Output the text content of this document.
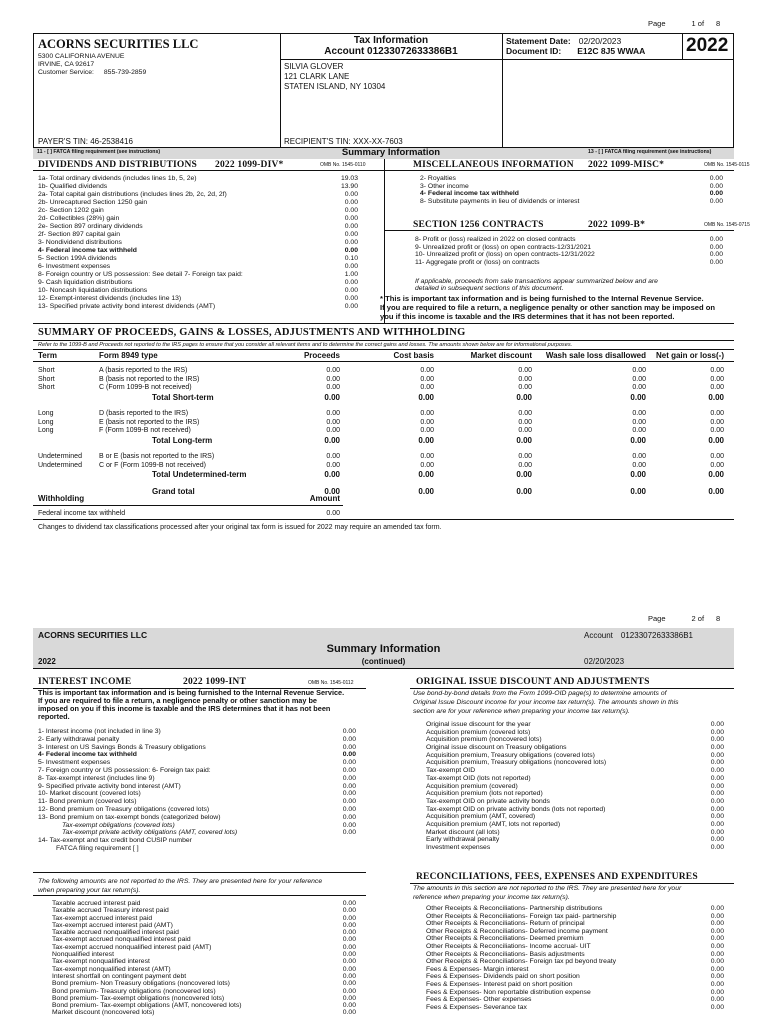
Page	1 of 8
ACORNS SECURITIES LLC
5300 CALIFORNIA AVENUE
IRVINE, CA 92617
Customer Service: 855-739-2859
PAYER'S TIN: 46-2538416
Tax Information
Account 01233072633386B1
Statement Date: 02/20/2023
Document ID: E12C 8J5 WWAA 2022
SILVIA GLOVER
121 CLARK LANE
STATEN ISLAND, NY 10304
RECIPIENT'S TIN: XXX-XX-7603
11 - [ ] FATCA filing requirement (see instructions)	Summary Information	13 - [ ] FATCA filing requirement (see instructions)
DIVIDENDS AND DISTRIBUTIONS 2022 1099-DIV*	OMB No. 1545-0110
1a- Total ordinary dividends (includes lines 1b, 5, 2e)	19.03
1b- Qualified dividends	13.90
2a- Total capital gain distributions (includes lines 2b, 2c, 2d, 2f)	0.00
2b- Unrecaptured Section 1250 gain	0.00
2c- Section 1202 gain	0.00
2d- Collectibles (28%) gain	0.00
2e- Section 897 ordinary dividends	0.00
2f- Section 897 capital gain	0.00
3- Nondividend distributions	0.00
4- Federal income tax withheld	0.00
5- Section 199A dividends	0.10
6- Investment expenses	0.00
8- Foreign country or US possession: See detail 7- Foreign tax paid:	1.00
9- Cash liquidation distributions	0.00
10- Noncash liquidation distributions	0.00
12- Exempt-interest dividends (includes line 13)	0.00
13- Specified private activity bond interest dividends (AMT)	0.00
MISCELLANEOUS INFORMATION 2022 1099-MISC*	OMB No. 1545-0115
2- Royalties	0.00
3- Other income	0.00
4- Federal income tax withheld	0.00
8- Substitute payments in lieu of dividends or interest	0.00
SECTION 1256 CONTRACTS	2022 1099-B*	OMB No. 1545-0715
8- Profit or (loss) realized in 2022 on closed contracts	0.00
9- Unrealized profit or (loss) on open contracts-12/31/2021	0.00
10- Unrealized profit or (loss) on open contracts-12/31/2022	0.00
11- Aggregate profit or (loss) on contracts	0.00
If applicable, proceeds from sale transactions appear summarized below and are
detailed in subsequent sections of this document.
* This is important tax information and is being furnished to the Internal Revenue Service.
If you are required to file a return, a negligence penalty or other sanction may be imposed on
you if this income is taxable and the IRS determines that it has not been reported.
SUMMARY OF PROCEEDS, GAINS & LOSSES, ADJUSTMENTS AND WITHHOLDING
Refer to the 1099-B and Proceeds not reported to the IRS pages to ensure that you consider all relevant items and to determine the correct gains and losses. The amounts shown below are for informational purposes.
Term	Form 8949 type	Proceeds	Cost basis	Market discount	Wash sale loss disallowed	Net gain or loss(-)
Short	A (basis reported to the IRS)	0.00	0.00	0.00	0.00	0.00
Short	B (basis not reported to the IRS)	0.00	0.00	0.00	0.00	0.00
Short	C (Form 1099-B not received)	0.00	0.00	0.00	0.00	0.00
Total Short-term	0.00	0.00	0.00	0.00	0.00
Long	D (basis reported to the IRS)	0.00	0.00	0.00	0.00	0.00
Long	E (basis not reported to the IRS)	0.00	0.00	0.00	0.00	0.00
Long	F (Form 1099-B not received)	0.00	0.00	0.00	0.00	0.00
Total Long-term	0.00	0.00	0.00	0.00	0.00
Undetermined B or E (basis not reported to the IRS)	0.00	0.00	0.00	0.00	0.00
Undetermined C or F (Form 1099-B not received)	0.00	0.00	0.00	0.00	0.00
Total Undetermined-term	0.00	0.00	0.00	0.00	0.00
Grand total	0.00	0.00	0.00	0.00	0.00
Withholding	Amount
Federal income tax withheld	0.00
Changes to dividend tax classifications processed after your original tax form is issued for 2022 may require an amended tax form.
Page	2 of 8
ACORNS SECURITIES LLC	Account 01233072633386B1
Summary Information
(continued)
2022	02/20/2023
INTEREST INCOME	2022 1099-INT	OMB No. 1545-0112
This is important tax information and is being furnished to the Internal Revenue Service.
If you are required to file a return, a negligence penalty or other sanction may be
imposed on you if this income is taxable and the IRS determines that it has not been
reported.
1- Interest income (not included in line 3)	0.00
2- Early withdrawal penalty	0.00
3- Interest on US Savings Bonds & Treasury obligations	0.00
4- Federal income tax withheld	0.00
5- Investment expenses	0.00
7- Foreign country or US possession: 6- Foreign tax paid:	0.00
8- Tax-exempt interest (includes line 9)	0.00
9- Specified private activity bond interest (AMT)	0.00
10- Market discount (covered lots)	0.00
11- Bond premium (covered lots)	0.00
12- Bond premium on Treasury obligations (covered lots)	0.00
13- Bond premium on tax-exempt bonds (categorized below)	0.00
Tax-exempt obligations (covered lots)	0.00
Tax-exempt private activity obligations (AMT, covered lots)	0.00
14- Tax-exempt and tax credit bond CUSIP number
FATCA filing requirement [ ]
The following amounts are not reported to the IRS. They are presented here for your reference
when preparing your tax return(s).
Taxable accrued interest paid	0.00
Taxable accrued Treasury interest paid	0.00
Tax-exempt accrued interest paid	0.00
Tax-exempt accrued interest paid (AMT)	0.00
Taxable accrued nonqualified interest paid	0.00
Tax-exempt accrued nonqualified interest paid	0.00
Tax-exempt accrued nonqualified interest paid (AMT)	0.00
Nonqualified interest	0.00
Tax-exempt nonqualified interest	0.00
Tax-exempt nonqualified interest (AMT)	0.00
Interest shortfall on contingent payment debt	0.00
Bond premium- Non Treasury obligations (noncovered lots)	0.00
Bond premium- Treasury obligations (noncovered lots)	0.00
Bond premium- Tax-exempt obligations (noncovered lots)	0.00
Bond premium- Tax-exempt obligations (AMT, noncovered lots)	0.00
Market discount (noncovered lots)	0.00
ORIGINAL ISSUE DISCOUNT AND ADJUSTMENTS
Use bond-by-bond details from the Form 1099-OID page(s) to determine amounts of
Original Issue Discount income for your income tax return(s). The amounts shown in this
section are for your reference when preparing your income tax return(s).
Original issue discount for the year	0.00
Acquisition premium (covered lots)	0.00
Acquisition premium (noncovered lots)	0.00
Original issue discount on Treasury obligations	0.00
Acquisition premium, Treasury obligations (covered lots)	0.00
Acquisition premium, Treasury obligations (noncovered lots)	0.00
Tax-exempt OID	0.00
Tax-exempt OID (lots not reported)	0.00
Acquisition premium (covered)	0.00
Acquisition premium (lots not reported)	0.00
Tax-exempt OID on private activity bonds	0.00
Tax-exempt OID on private activity bonds (lots not reported)	0.00
Acquisition premium (AMT, covered)	0.00
Acquisition premium (AMT, lots not reported)	0.00
Market discount (all lots)	0.00
Early withdrawal penalty	0.00
Investment expenses	0.00
RECONCILIATIONS, FEES, EXPENSES AND EXPENDITURES
The amounts in this section are not reported to the IRS. They are presented here for your
reference when preparing your income tax return(s).
Other Receipts & Reconciliations- Partnership distributions	0.00
Other Receipts & Reconciliations- Foreign tax paid- partnership	0.00
Other Receipts & Reconciliations- Return of principal	0.00
Other Receipts & Reconciliations- Deferred income payment	0.00
Other Receipts & Reconciliations- Deemed premium	0.00
Other Receipts & Reconciliations- Income accrual- UIT	0.00
Other Receipts & Reconciliations- Basis adjustments	0.00
Other Receipts & Reconciliations- Foreign tax pd beyond treaty	0.00
Fees & Expenses- Margin interest	0.00
Fees & Expenses- Dividends paid on short position	0.00
Fees & Expenses- Interest paid on short position	0.00
Fees & Expenses- Non reportable distribution expense	0.00
Fees & Expenses- Other expenses	0.00
Fees & Expenses- Severance tax	0.00
